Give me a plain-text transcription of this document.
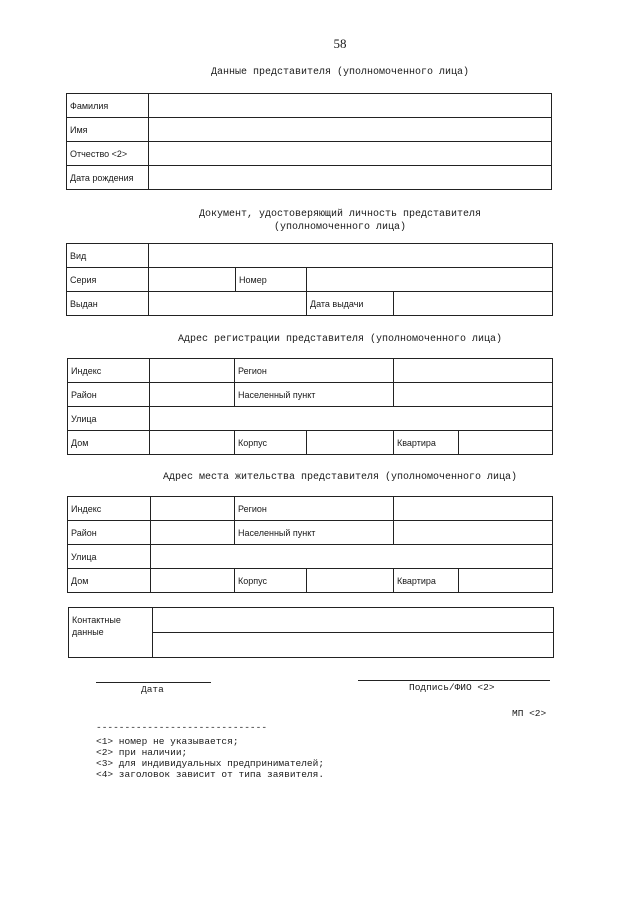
58
Данные представителя (уполномоченного лица)
Фамилия	
Имя	
Отчество <2>	
Дата рождения	
Документ, удостоверяющий личность представителя
(уполномоченного лица)
Вид				
Серия		Номер		
Выдан			Дата выдачи	
Адрес регистрации представителя (уполномоченного лица)
Индекс		Регион			
Район		Населенный пункт			
Улица					
Дом		Корпус		Квартира	
Адрес места жительства представителя (уполномоченного лица)
Индекс		Регион			
Район		Населенный пункт			
Улица					
Дом		Корпус		Квартира	
Контактные данные	

Дата	Подпись/ФИО <2>
МП <2>
------------------------------
<1> номер не указывается;
<2> при наличии;
<3> для индивидуальных предпринимателей;
<4> заголовок зависит от типа заявителя.
